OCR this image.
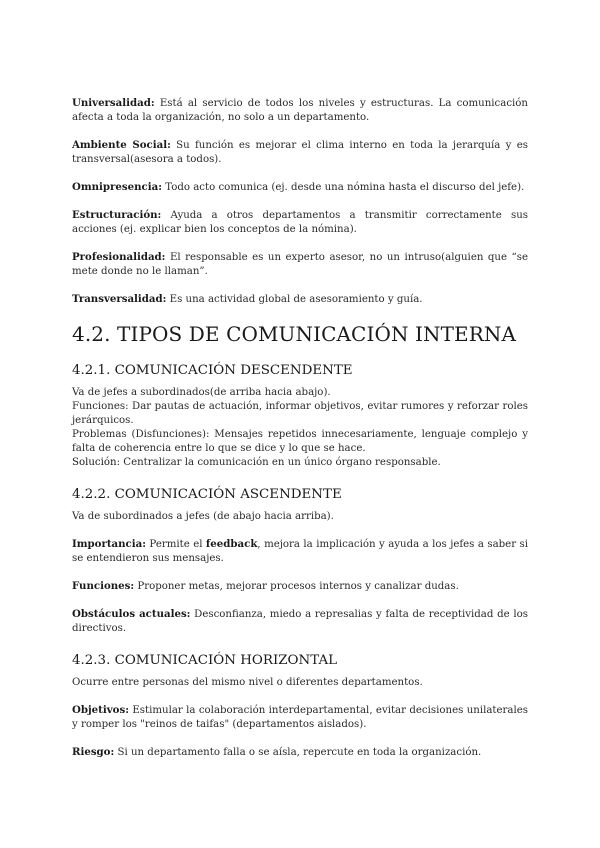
Universalidad: Está al servicio de todos los niveles y estructuras. La comunicación afecta a toda la organización, no solo a un departamento.

Ambiente Social: Su función es mejorar el clima interno en toda la jerarquía y es transversal(asesora a todos).

Omnipresencia: Todo acto comunica (ej. desde una nómina hasta el discurso del jefe).

Estructuración: Ayuda a otros departamentos a transmitir correctamente sus acciones (ej. explicar bien los conceptos de la nómina).

Profesionalidad: El responsable es un experto asesor, no un intruso(alguien que “se mete donde no le llaman”.

Transversalidad: Es una actividad global de asesoramiento y guía.

4.2. TIPOS DE COMUNICACIÓN INTERNA
4.2.1. COMUNICACIÓN DESCENDENTE

Va de jefes a subordinados(de arriba hacia abajo).

Funciones: Dar pautas de actuación, informar objetivos, evitar rumores y reforzar roles jerárquicos.

Problemas (Disfunciones): Mensajes repetidos innecesariamente, lenguaje complejo y falta de coherencia entre lo que se dice y lo que se hace.

Solución: Centralizar la comunicación en un único órgano responsable.

4.2.2. COMUNICACIÓN ASCENDENTE

Va de subordinados a jefes (de abajo hacia arriba).

Importancia: Permite el feedback, mejora la implicación y ayuda a los jefes a saber si se entendieron sus mensajes.

Funciones: Proponer metas, mejorar procesos internos y canalizar dudas.

Obstáculos actuales: Desconfianza, miedo a represalias y falta de receptividad de los directivos.

4.2.3. COMUNICACIÓN HORIZONTAL

Ocurre entre personas del mismo nivel o diferentes departamentos.

Objetivos: Estimular la colaboración interdepartamental, evitar decisiones unilaterales y romper los "reinos de taifas" (departamentos aislados).

Riesgo: Si un departamento falla o se aísla, repercute en toda la organización.
